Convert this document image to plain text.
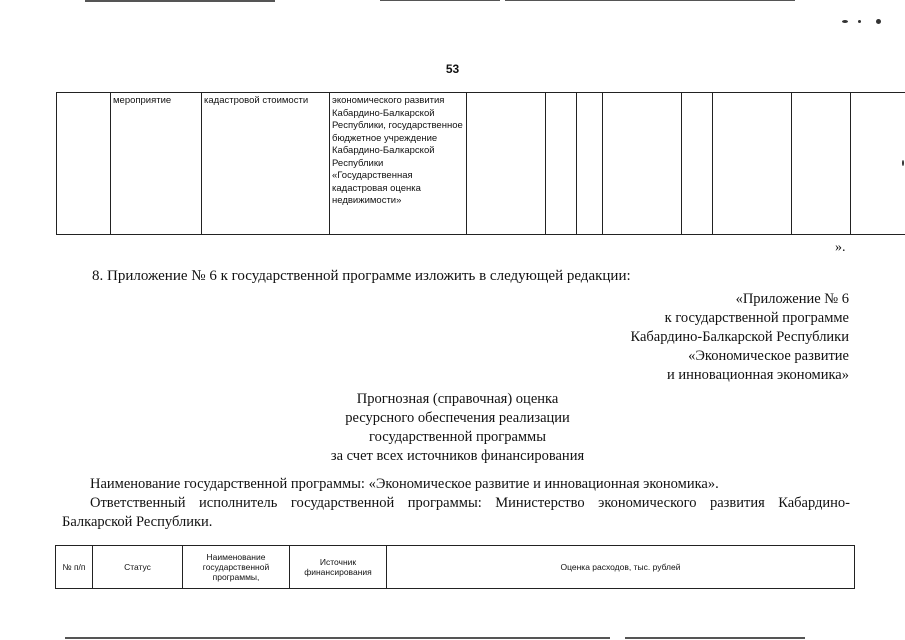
53
	мероприятие	кадастровой стоимости	экономического развития Кабардино-Балкарской Республики, государственное бюджетное учреждение Кабардино-Балкарской Республики «Государственная кадастровая оценка недвижимости»									
».
8. Приложение № 6 к государственной программе изложить в следующей редакции:
«Приложение № 6
к государственной программе
Кабардино-Балкарской Республики
«Экономическое развитие
и инновационная экономика»
Прогнозная (справочная) оценка
ресурсного обеспечения реализации
государственной программы
за счет всех источников финансирования
Наименование государственной программы: «Экономическое развитие и инновационная экономика».
Ответственный исполнитель государственной программы: Министерство экономического развития Кабардино-Балкарской Республики.
№ п/п	Статус	Наименование государственной программы,	Источник финансирования	Оценка расходов, тыс. рублей
